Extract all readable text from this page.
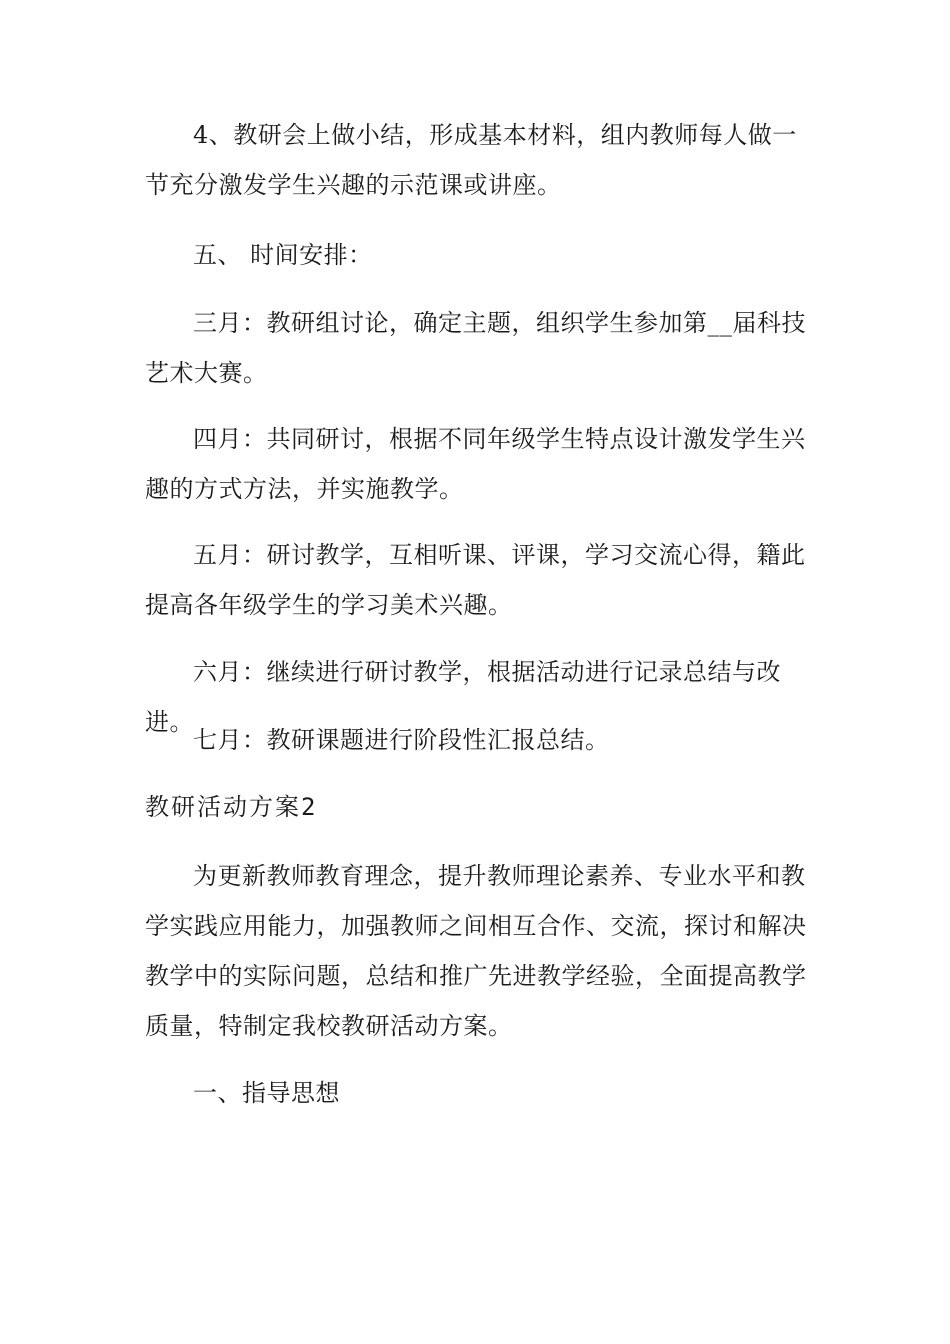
4、教研会上做小结，形成基本材料，组内教师每人做一节充分激发学生兴趣的示范课或讲座。

五、 时间安排：

三月：教研组讨论，确定主题，组织学生参加第__届科技艺术大赛。

四月：共同研讨，根据不同年级学生特点设计激发学生兴趣的方式方法，并实施教学。

五月：研讨教学，互相听课、评课，学习交流心得，籍此提高各年级学生的学习美术兴趣。

六月：继续进行研讨教学，根据活动进行记录总结与改进。

七月：教研课题进行阶段性汇报总结。

教研活动方案2

为更新教师教育理念，提升教师理论素养、专业水平和教学实践应用能力，加强教师之间相互合作、交流，探讨和解决教学中的实际问题，总结和推广先进教学经验，全面提高教学质量，特制定我校教研活动方案。

一、指导思想
